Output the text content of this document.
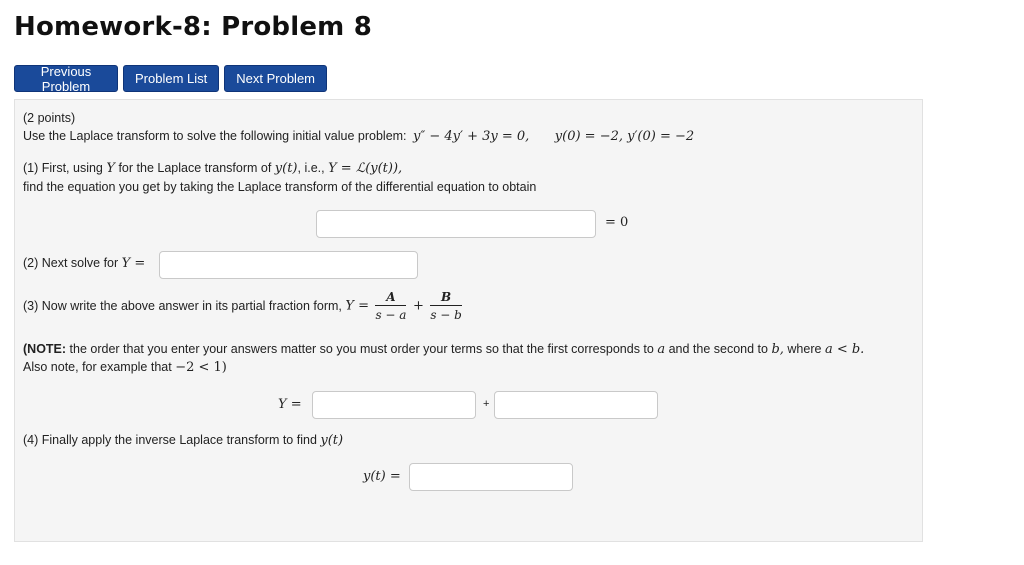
Homework-8: Problem 8
Previous Problem	Problem List	Next Problem
(2 points)
Use the Laplace transform to solve the following initial value problem: y″ − 4y′ + 3y = 0, y(0) = −2, y′(0) = −2
(1) First, using Y for the Laplace transform of y(t), i.e., Y = ℒ(y(t)),
find the equation you get by taking the Laplace transform of the differential equation to obtain
= 0
(2) Next solve for Y =
(3) Now write the above answer in its partial fraction form, $Y = \frac{A}{s - a} + \frac{B}{s - b}$
(NOTE: the order that you enter your answers matter so you must order your terms so that the first corresponds to a and the second to b, where a < b.
Also note, for example that −2 < 1)
Y =	+
(4) Finally apply the inverse Laplace transform to find y(t)
y(t) =
